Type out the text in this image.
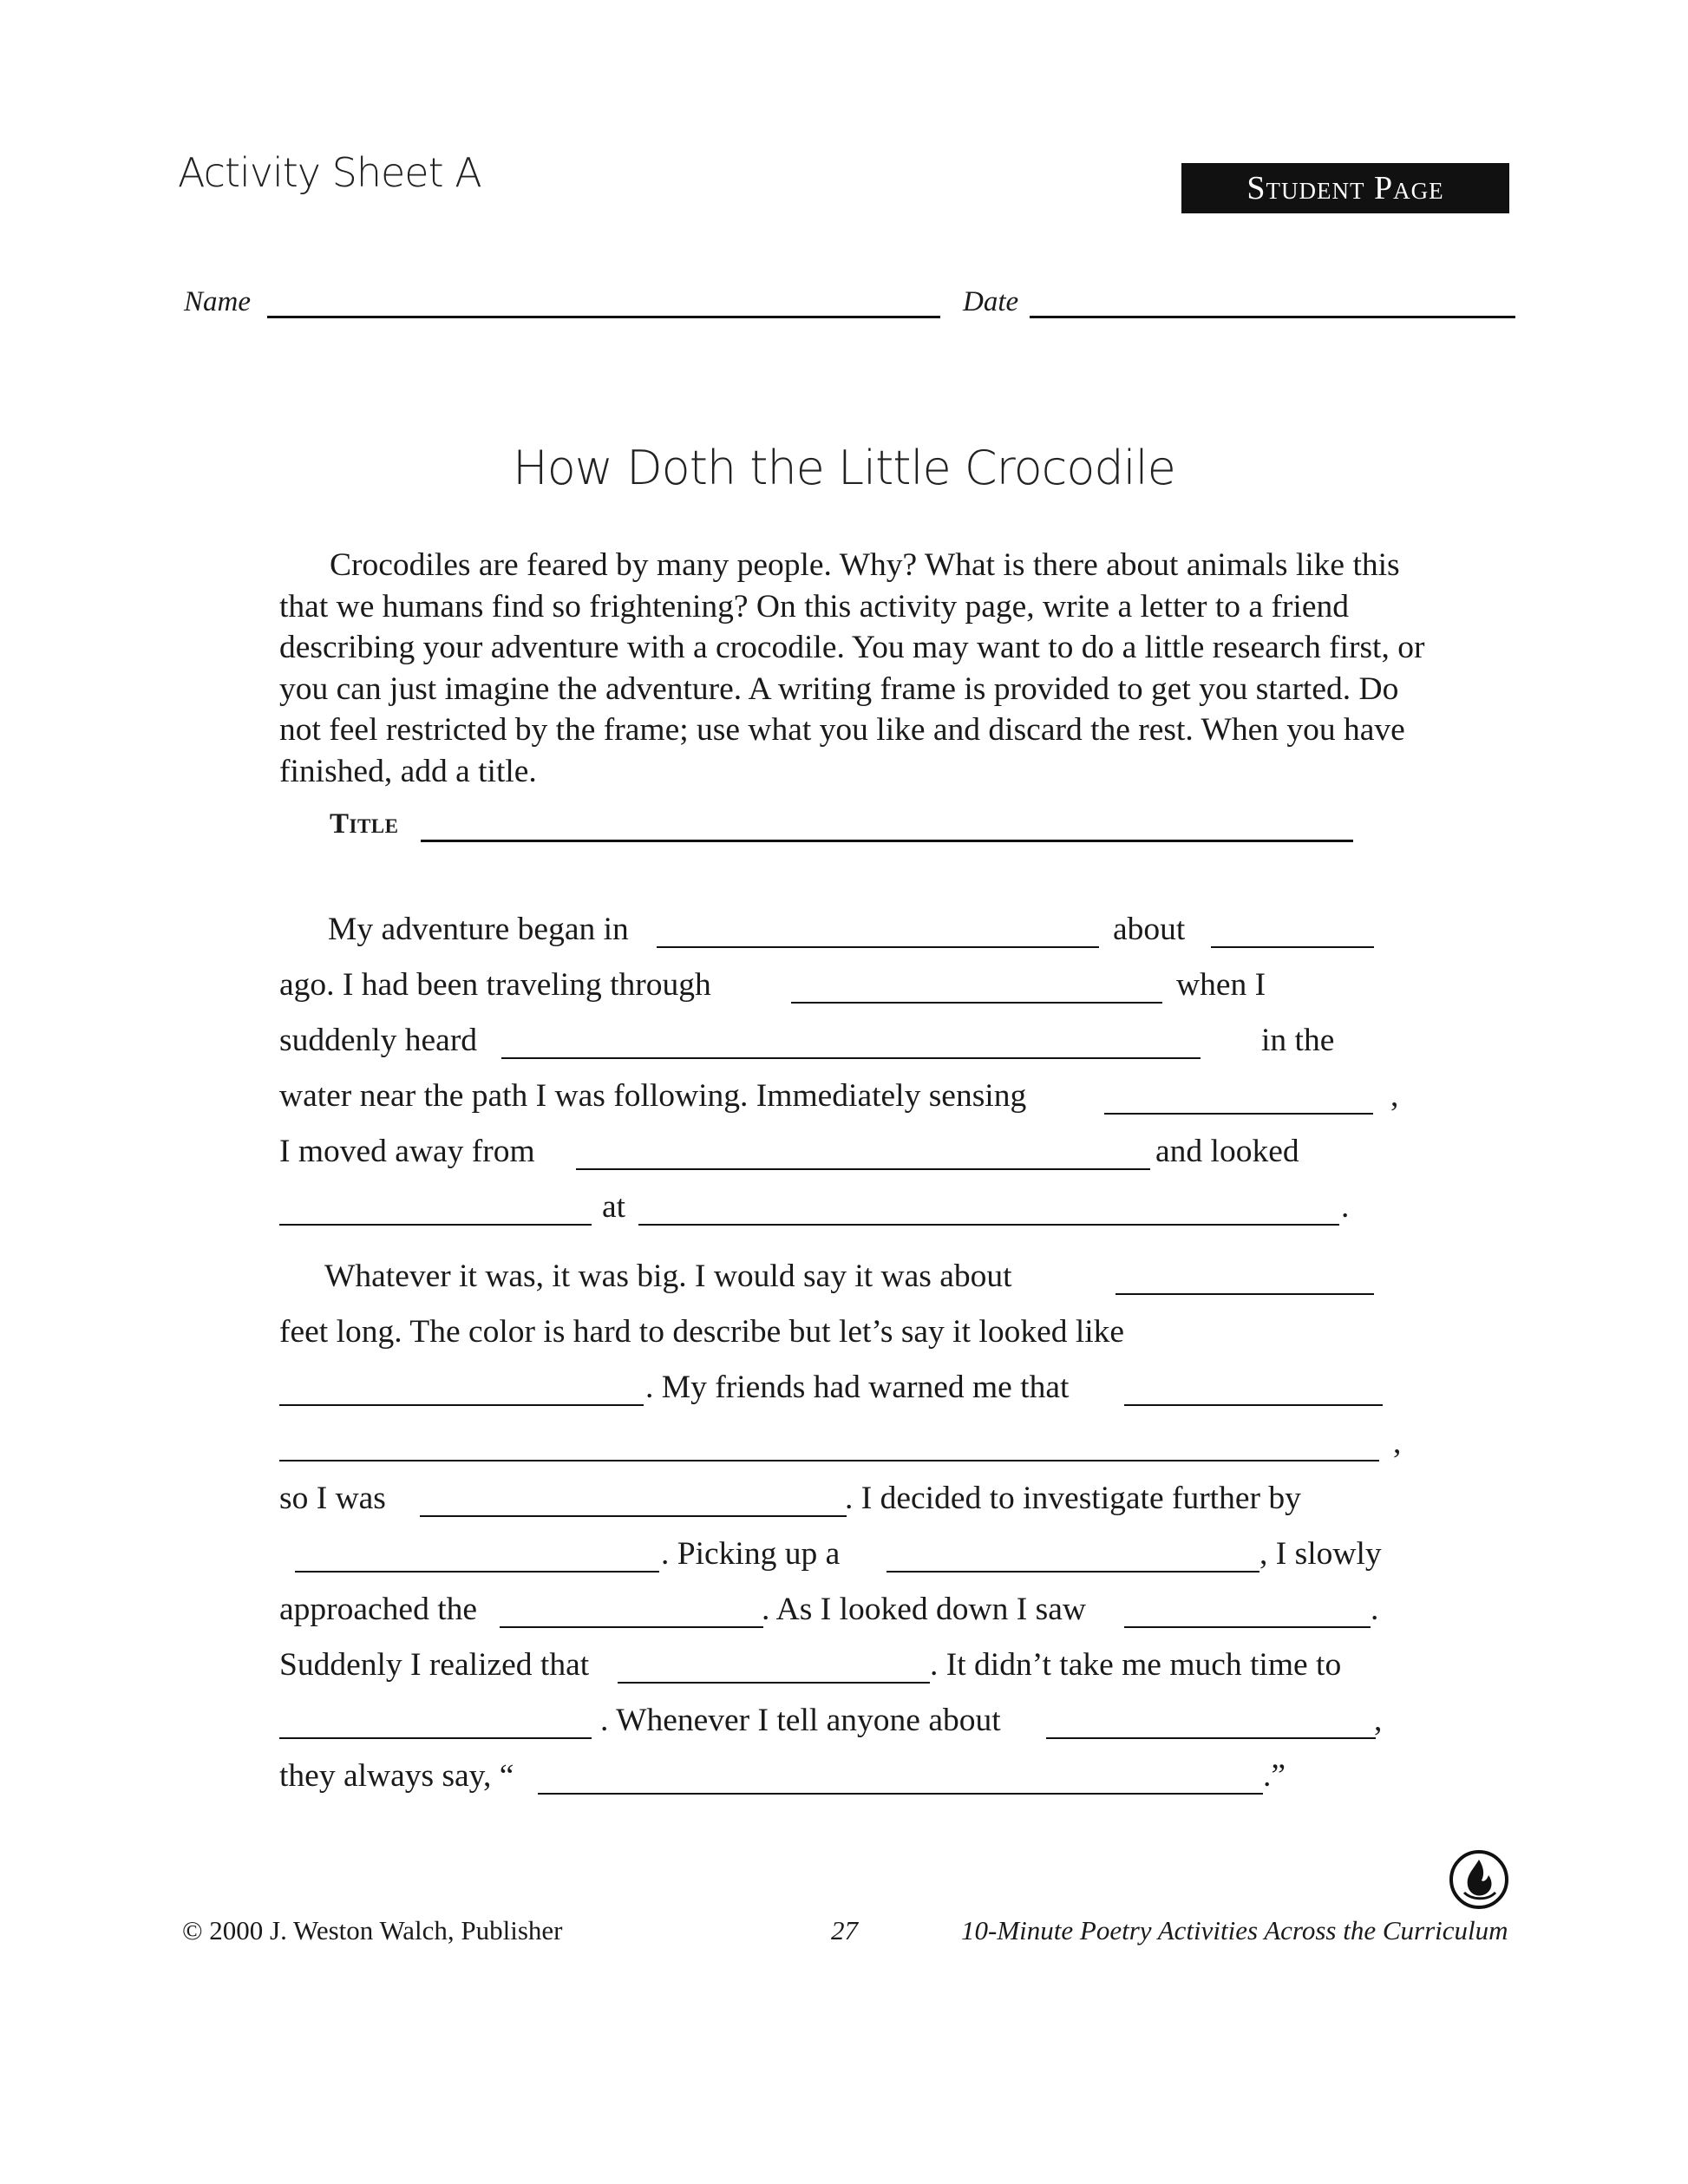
Activity Sheet A	Student Page
Name	Date
How Doth the Little Crocodile

Crocodiles are feared by many people. Why? What is there about animals like this that we humans find so frightening? On this activity page, write a letter to a friend describing your adventure with a crocodile. You may want to do a little research first, or you can just imagine the adventure. A writing frame is provided to get you started. Do not feel restricted by the frame; use what you like and discard the rest. When you have finished, add a title.

Title
My adventure began in	about
ago. I had been traveling through	when I
suddenly heard	in the
water near the path I was following. Immediately sensing	,
I moved away from	and looked
at	.
Whatever it was, it was big. I would say it was about
feet long. The color is hard to describe but let’s say it looked like
. My friends had warned me that
,
so I was	. I decided to investigate further by
. Picking up a	, I slowly
approached the	. As I looked down I saw	.
Suddenly I realized that	. It didn’t take me much time to
. Whenever I tell anyone about	,
they always say, “	.”
© 2000 J. Weston Walch, Publisher	27	10-Minute Poetry Activities Across the Curriculum
